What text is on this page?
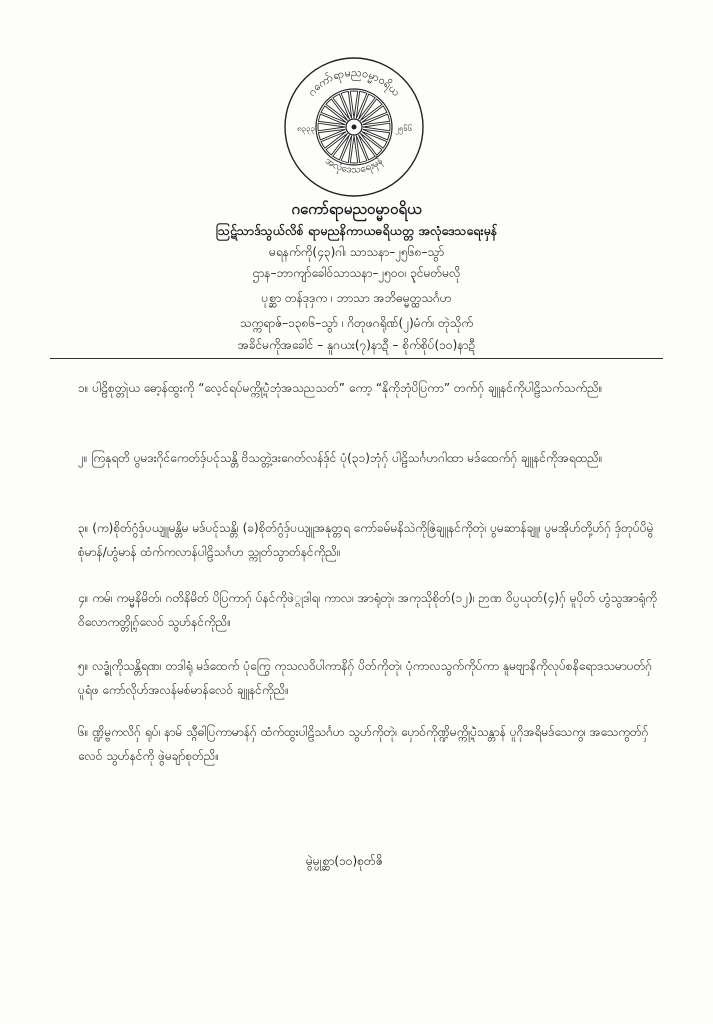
ဂကော်ရာမညဝမ္မာဝရိယ
အလုံဒေသရေးမှန်
၈၃၃၃	၂၅၆၆
ဂကော်ရာမညဝမ္မာဝရိယ
ဩဋ်သာဒ်သွယ်လိစ် ရာမညနိကာယဓရိယတ္တ အလုံဒေသရေးမှန်
မရနက်ကို(၄၃)ဂါ၊ သာသနာ–၂၅၆၈–သွာ်
ဌာန–ဘာကျာ်ခေါဝ်သာသနာ–၂၅၀၀၊ ၃ုင်မတ်မလို
ပုစ္ဆာ တန်ဒုဒှက ၊ ဘာသာ အဘိဓမ္မတ္ထသင်္ဂဟ
သက္ကရာဇ်–၁၃၈၆–သွာ် ၊ ဂိတုဖဂရိုဏ်(၂)မံက်၊ တုဲသိုက်
အခိင်မကိုအခေါင် – နူဂယး(၇)နာဍီ – စိုက်စိုပ်(၁၀)နာဍီ
၁။ ပါဠိစုတ္တုဲယ ဓော့န်ထွးကို “လေ့င်ရပ်မက္ကို့ပုံဲဘုံအသညသတ်” ကော့ “နိုကိုဘုံပိပြကာ” တက်ဂှ် ချူနင်ကိုပါဠိသက်သက်ညိ။
၂။ ကြနုရတိ ပွမဒးဂိုင်ကေတ်ဒှ်ပင်ုသန္တိ ဗိသတ္တဲ့ဒးဂေတ်လန်ဒှ်င် ပုံ(၃၁)ဘုံဂှ် ပါဠိသင်္ဂဟဂါထာ မဒ်ထေက်ဂှ် ချူနင်ကိုအရထညိ။
၃။ (က)စိုတ်ဂွံဒှ်ပယျူမန္တိမ မဒ်ပင်ုသန္တိ၊ (ခ)စိုတ်ဂွံဒှ်ပယျူအနုတ္တရ ကော်ခမ်မနိသဲကိုဇြဲချူနင်ကိုတုဲ၊ ပွမဆာန်ချူ၊ ပွမအိုဟ်တို့ဟ်ဂှ် ဒှ်တုပ်ပိမွဲစုံမာန်/ဟွံမာန် ထံက်ကလာန်ပါဠိသင်္ဂဟ သ္ကုတ်သွာတ်နင်ကိုညိ။
၄။ ကမ်၊ ကမ္မနိမိတ်၊ ဂတိနိမိတ် ပိပြကာဂှ် ပ်နင်ကိုဖဲ္ဂုဒါရ၊ ကာလ၊ အာရုံတုဲ၊ အကုသိုစိုတ်(၁၂)၊ ဉာဏ ဝိပ္ပယုတ်(၄)ဂှ် မူပိုတ် ဟွံသွအာရုံကိုဝိလောကတ္တို့ဂှ်လေဝ် သွဟ်နင်ကိုညိ။
၅။ လဒ္ဓုံကိုသန္တိရဏ၊ တဒါရုံ မဒ်ထေက် ပုံကြွေ ကုသလဝိပါကာနိဂှ် ပိတ်ကိုတုဲ၊ ပုံကာလသွက်ကိုပ်ကာ နူမဗျာနိကိုလုပ်စနိရောဒသမာပတ်ဂှ် ပူရံဖ ကော်လိုဟ်အလန်မစ်မာန်လေဝ် ချူနင်ကိုညိ။
၆။ ဏ္ဍိမ္ဗကလိဂှ် ရုပ်၊ နာမ် သ္ဂီဓါပြကာမာန်ဂှ် ထံက်ထွးပါဠိသင်္ဂဟ သွဟ်ကိုတုဲ၊ ပှောဝ်ကိုဏ္ဍိမက္ကို့ပုံဲသန္တာန် ပူဂိုအရိမဒ်သေကွ၊ အသေကွတ်ဂှ်လေဝ် သွဟ်နင်ကို ဖွဲမချာ်စုတ်ညိ။
မွဲမ္ပုစ္ဆာ(၁၀)စုတ်ဇိ
